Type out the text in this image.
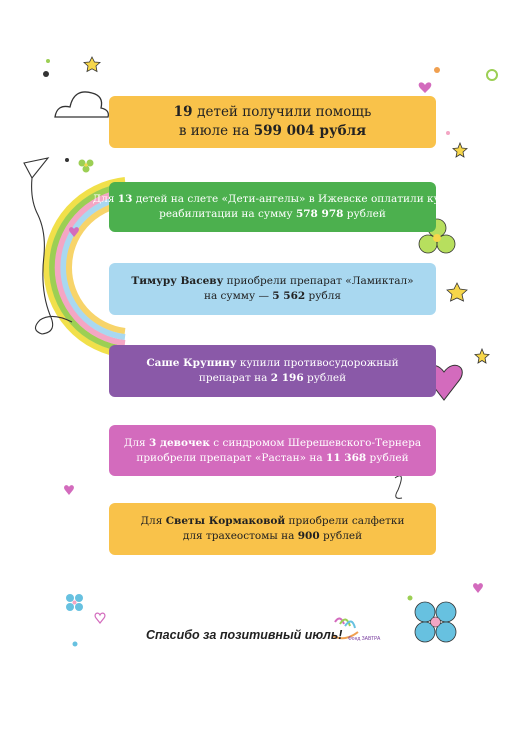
19 детей получили помощь
в июле на 599 004 рубля
Для 13 детей на слете «Дети-ангелы» в Ижевске оплатили курс
реабилитации на сумму 578 978 рублей
Тимуру Васеву приобрели препарат «Ламиктал»
на сумму — 5 562 рубля
Саше Крупину купили противосудорожный
препарат на 2 196 рублей
Для 3 девочек с синдромом Шерешевского-Тернера
приобрели препарат «Растан» на 11 368 рублей
Для Светы Кормаковой приобрели салфетки
для трахеостомы на 900 рублей
Спасибо за позитивный июль! Фонд ЗАВТРА
